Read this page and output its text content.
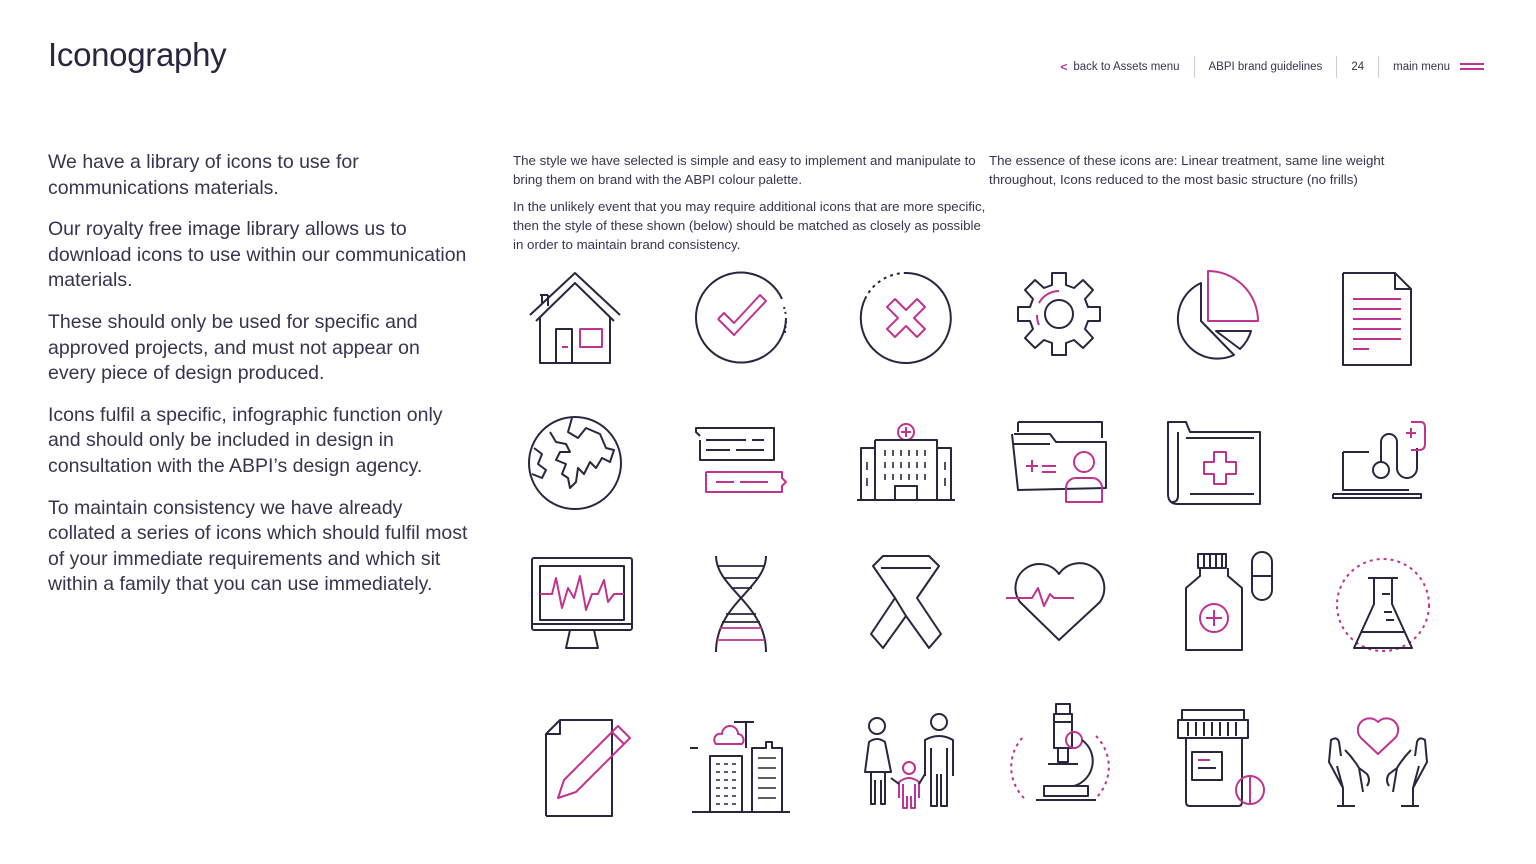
Iconography	< back to Assets menu	ABPI brand guidelines	24	main menu

We have a library of icons to use for communications materials.

Our royalty free image library allows us to download icons to use within our communication materials.

These should only be used for specific and approved projects, and must not appear on every piece of design produced.

Icons fulfil a specific, infographic function only and should only be included in design in consultation with the ABPI’s design agency.

To maintain consistency we have already collated a series of icons which should fulfil most of your immediate requirements and which sit within a family that you can use immediately.

The style we have selected is simple and easy to implement and manipulate to bring them on brand with the ABPI colour palette.

In the unlikely event that you may require additional icons that are more specific, then the style of these shown (below) should be matched as closely as possible in order to maintain brand consistency.

The essence of these icons are: Linear treatment, same line weight throughout, Icons reduced to the most basic structure (no frills)
